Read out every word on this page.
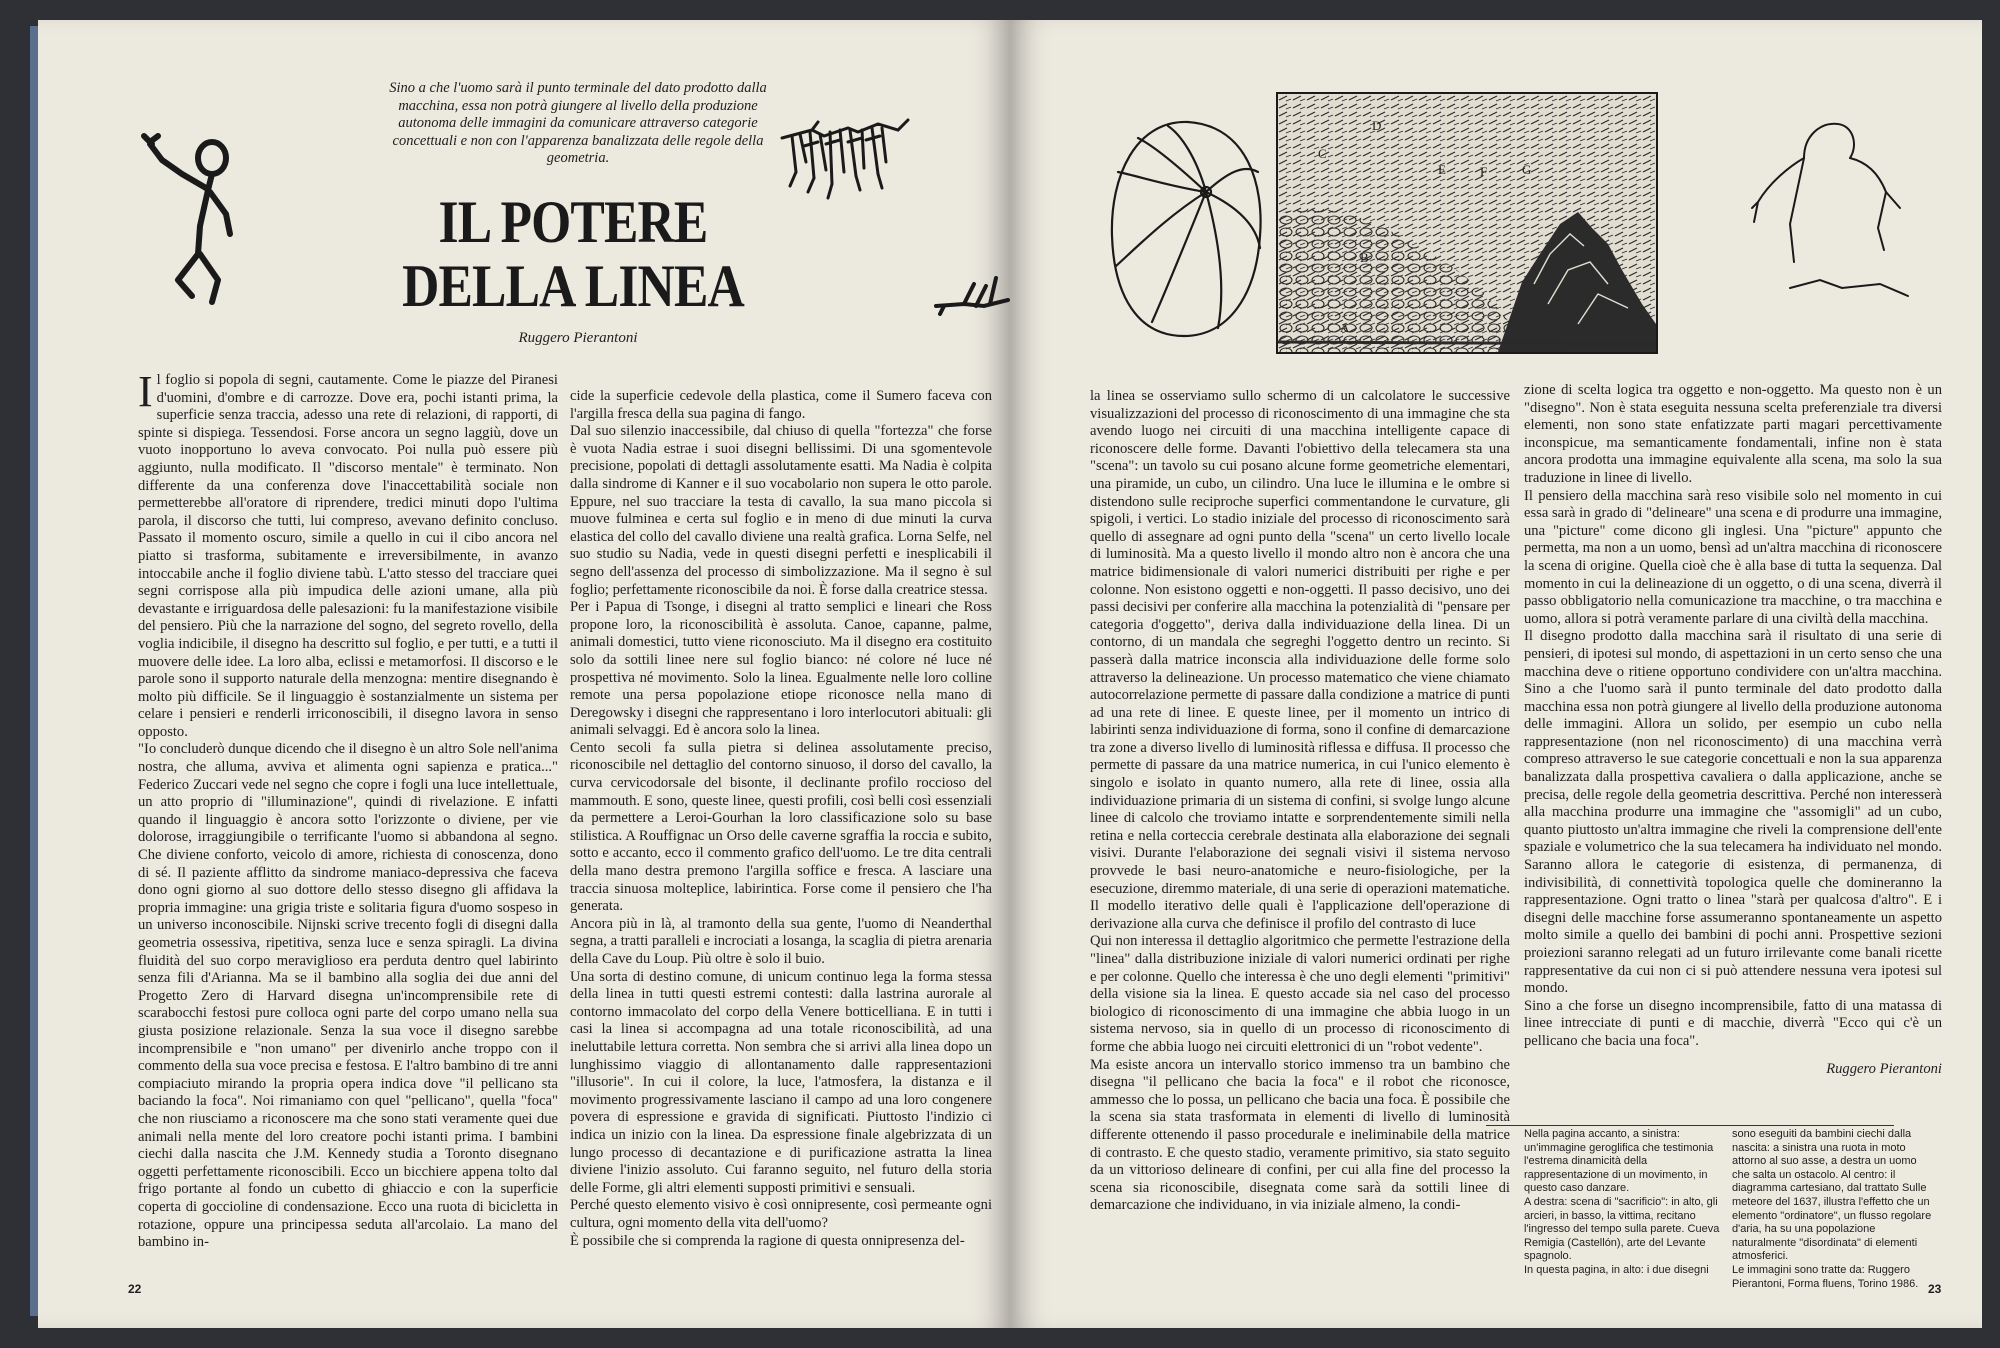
Sino a che l'uomo sarà il punto terminale del dato prodotto dalla macchina, essa non potrà giungere al livello della produzione autonoma delle immagini da comunicare attraverso categorie concettuali e non con l'apparenza banalizzata delle regole della geometria.
IL POTERE
DELLA LINEA
Ruggero Pierantoni

Il foglio si popola di segni, cautamente. Come le piazze del Piranesi d'uomini, d'ombre e di carrozze. Dove era, pochi istanti prima, la superficie senza traccia, adesso una rete di relazioni, di rapporti, di spinte si dispiega. Tessendosi. Forse ancora un segno laggiù, dove un vuoto inopportuno lo aveva convocato. Poi nulla può essere più aggiunto, nulla modificato. Il "discorso mentale" è terminato. Non differente da una conferenza dove l'inaccettabilità sociale non permetterebbe all'oratore di riprendere, tredici minuti dopo l'ultima parola, il discorso che tutti, lui compreso, avevano definito concluso. Passato il momento oscuro, simile a quello in cui il cibo ancora nel piatto si trasforma, subitamente e irreversibilmente, in avanzo intoccabile anche il foglio diviene tabù. L'atto stesso del tracciare quei segni corrispose alla più impudica delle azioni umane, alla più devastante e irriguardosa delle palesazioni: fu la manifestazione visibile del pensiero. Più che la narrazione del sogno, del segreto rovello, della voglia indicibile, il disegno ha descritto sul foglio, e per tutti, e a tutti il muovere delle idee. La loro alba, eclissi e metamorfosi. Il discorso e le parole sono il supporto naturale della menzogna: mentire disegnando è molto più difficile. Se il linguaggio è sostanzialmente un sistema per celare i pensieri e renderli irriconoscibili, il disegno lavora in senso opposto.

"Io concluderò dunque dicendo che il disegno è un altro Sole nell'anima nostra, che allumа, avviva et alimenta ogni sapienza e pratica..." Federico Zuccari vede nel segno che copre i fogli una luce intellettuale, un atto proprio di "illuminazione", quindi di rivelazione. E infatti quando il linguaggio è ancora sotto l'orizzonte o diviene, per vie dolorose, irraggiungibile o terrificante l'uomo si abbandona al segno. Che diviene conforto, veicolo di amore, richiesta di conoscenza, dono di sé. Il paziente afflitto da sindrome maniaco-depressiva che faceva dono ogni giorno al suo dottore dello stesso disegno gli affidava la propria immagine: una grigia triste e solitaria figura d'uomo sospeso in un universo inconoscibile. Nijnski scrive trecento fogli di disegni dalla geometria ossessiva, ripetitiva, senza luce e senza spiragli. La divina fluidità del suo corpo meraviglioso era perduta dentro quel labirinto senza fili d'Arianna. Ma se il bambino alla soglia dei due anni del Progetto Zero di Harvard disegna un'incomprensibile rete di scarabocchi festosi pure colloca ogni parte del corpo umano nella sua giusta posizione relazionale. Senza la sua voce il disegno sarebbe incomprensibile e "non umano" per divenirlo anche troppo con il commento della sua voce precisa e festosa. E l'altro bambino di tre anni compiaciuto mirando la propria opera indica dove "il pellicano sta baciando la foca". Noi rimaniamo con quel "pellicano", quella "foca" che non riusciamo a riconoscere ma che sono stati veramente quei due animali nella mente del loro creatore pochi istanti prima. I bambini ciechi dalla nascita che J.M. Kennedy studia a Toronto disegnano oggetti perfettamente riconoscibili. Ecco un bicchiere appena tolto dal frigo portante al fondo un cubetto di ghiaccio e con la superficie coperta di goccioline di condensazione. Ecco una ruota di bicicletta in rotazione, oppure una principessa seduta all'arcolaio. La mano del bambino in-

cide la superficie cedevole della plastica, come il Sumero faceva con l'argilla fresca della sua pagina di fango.

Dal suo silenzio inaccessibile, dal chiuso di quella "fortezza" che forse è vuota Nadia estrae i suoi disegni bellissimi. Di una sgomentevole precisione, popolati di dettagli assolutamente esatti. Ma Nadia è colpita dalla sindrome di Kanner e il suo vocabolario non supera le otto parole. Eppure, nel suo tracciare la testa di cavallo, la sua mano piccola si muove fulminea e certa sul foglio e in meno di due minuti la curva elastica del collo del cavallo diviene una realtà grafica. Lorna Selfe, nel suo studio su Nadia, vede in questi disegni perfetti e inesplicabili il segno dell'assenza del processo di simbolizzazione. Ma il segno è sul foglio; perfettamente riconoscibile da noi. È forse dalla creatrice stessa.

Per i Papua di Tsonge, i disegni al tratto semplici e lineari che Ross propone loro, la riconoscibilità è assoluta. Canoe, capanne, palme, animali domestici, tutto viene riconosciuto. Ma il disegno era costituito solo da sottili linee nere sul foglio bianco: né colore né luce né prospettiva né movimento. Solo la linea. Egualmente nelle loro colline remote una persa popolazione etiope riconosce nella mano di Deregowsky i disegni che rappresentano i loro interlocutori abituali: gli animali selvaggi. Ed è ancora solo la linea.

Cento secoli fa sulla pietra si delinea assolutamente preciso, riconoscibile nel dettaglio del contorno sinuoso, il dorso del cavallo, la curva cervicodorsale del bisonte, il declinante profilo roccioso del mammouth. E sono, queste linee, questi profili, così belli così essenziali da permettere a Leroi-Gourhan la loro classificazione solo su base stilistica. A Rouffignac un Orso delle caverne sgraffia la roccia e subito, sotto e accanto, ecco il commento grafico dell'uomo. Le tre dita centrali della mano destra premono l'argilla soffice e fresca. A lasciare una traccia sinuosa molteplice, labirintica. Forse come il pensiero che l'ha generata.

Ancora più in là, al tramonto della sua gente, l'uomo di Neanderthal segna, a tratti paralleli e incrociati a losanga, la scaglia di pietra arenaria della Cave du Loup. Più oltre è solo il buio.

Una sorta di destino comune, di unicum continuo lega la forma stessa della linea in tutti questi estremi contesti: dalla lastrina aurorale al contorno immacolato del corpo della Venere botticelliana. E in tutti i casi la linea si accompagna ad una totale riconoscibilità, ad una ineluttabile lettura corretta. Non sembra che si arrivi alla linea dopo un lunghissimo viaggio di allontanamento dalle rappresentazioni "illusorie". In cui il colore, la luce, l'atmosfera, la distanza e il movimento progressivamente lasciano il campo ad una loro congenere povera di espressione e gravida di significati. Piuttosto l'indizio ci indica un inizio con la linea. Da espressione finale algebrizzata di un lungo processo di decantazione e di purificazione astratta la linea diviene l'inizio assoluto. Cui faranno seguito, nel futuro della storia delle Forme, gli altri elementi supposti primitivi e sensuali.

Perché questo elemento visivo è così onnipresente, così permeante ogni cultura, ogni momento della vita dell'uomo?

È possibile che si comprenda la ragione di questa onnipresenza del-

22
D
C
E	F	G
B
A

la linea se osserviamo sullo schermo di un calcolatore le successive visualizzazioni del processo di riconoscimento di una immagine che sta avendo luogo nei circuiti di una macchina intelligente capace di riconoscere delle forme. Davanti l'obiettivo della telecamera sta una "scena": un tavolo su cui posano alcune forme geometriche elementari, una piramide, un cubo, un cilindro. Una luce le illumina e le ombre si distendono sulle reciproche superfici commentandone le curvature, gli spigoli, i vertici. Lo stadio iniziale del processo di riconoscimento sarà quello di assegnare ad ogni punto della "scena" un certo livello locale di luminosità. Ma a questo livello il mondo altro non è ancora che una matrice bidimensionale di valori numerici distribuiti per righe e per colonne. Non esistono oggetti e non-oggetti. Il passo decisivo, uno dei passi decisivi per conferire alla macchina la potenzialità di "pensare per categoria d'oggetto", deriva dalla individuazione della linea. Di un contorno, di un mandala che segreghi l'oggetto dentro un recinto. Si passerà dalla matrice inconscia alla individuazione delle forme solo attraverso la delineazione. Un processo matematico che viene chiamato autocorrelazione permette di passare dalla condizione a matrice di punti ad una rete di linee. E queste linee, per il momento un intrico di labirinti senza individuazione di forma, sono il confine di demarcazione tra zone a diverso livello di luminosità riflessa e diffusa. Il processo che permette di passare da una matrice numerica, in cui l'unico elemento è singolo e isolato in quanto numero, alla rete di linee, ossia alla individuazione primaria di un sistema di confini, si svolge lungo alcune linee di calcolo che troviamo intatte e sorprendentemente simili nella retina e nella corteccia cerebrale destinata alla elaborazione dei segnali visivi. Durante l'elaborazione dei segnali visivi il sistema nervoso provvede le basi neuro-anatomiche e neuro-fisiologiche, per la esecuzione, diremmo materiale, di una serie di operazioni matematiche. Il modello iterativo delle quali è l'applicazione dell'operazione di derivazione alla curva che definisce il profilo del contrasto di luce

Qui non interessa il dettaglio algoritmico che permette l'estrazione della "linea" dalla distribuzione iniziale di valori numerici ordinati per righe e per colonne. Quello che interessa è che uno degli elementi "primitivi" della visione sia la linea. E questo accade sia nel caso del processo biologico di riconoscimento di una immagine che abbia luogo in un sistema nervoso, sia in quello di un processo di riconoscimento di forme che abbia luogo nei circuiti elettronici di un "robot vedente".

Ma esiste ancora un intervallo storico immenso tra un bambino che disegna "il pellicano che bacia la foca" e il robot che riconosce, ammesso che lo possa, un pellicano che bacia una foca. È possibile che la scena sia stata trasformata in elementi di livello di luminosità differente ottenendo il passo procedurale e ineliminabile della matrice di contrasto. E che questo stadio, veramente primitivo, sia stato seguito da un vittorioso delineare di confini, per cui alla fine del processo la scena sia riconoscibile, disegnata come sarà da sottili linee di demarcazione che individuano, in via iniziale almeno, la condi-

zione di scelta logica tra oggetto e non-oggetto. Ma questo non è un "disegno". Non è stata eseguita nessuna scelta preferenziale tra diversi elementi, non sono state enfatizzate parti magari percettivamente inconspicue, ma semanticamente fondamentali, infine non è stata ancora prodotta una immagine equivalente alla scena, ma solo la sua traduzione in linee di livello.

Il pensiero della macchina sarà reso visibile solo nel momento in cui essa sarà in grado di "delineare" una scena e di produrre una immagine, una "picture" come dicono gli inglesi. Una "picture" appunto che permetta, ma non a un uomo, bensì ad un'altra macchina di riconoscere la scena di origine. Quella cioè che è alla base di tutta la sequenza. Dal momento in cui la delineazione di un oggetto, o di una scena, diverrà il passo obbligatorio nella comunicazione tra macchine, o tra macchina e uomo, allora si potrà veramente parlare di una civiltà della macchina.

Il disegno prodotto dalla macchina sarà il risultato di una serie di pensieri, di ipotesi sul mondo, di aspettazioni in un certo senso che una macchina deve o ritiene opportuno condividere con un'altra macchina. Sino a che l'uomo sarà il punto terminale del dato prodotto dalla macchina essa non potrà giungere al livello della produzione autonoma delle immagini. Allora un solido, per esempio un cubo nella rappresentazione (non nel riconoscimento) di una macchina verrà compreso attraverso le sue categorie concettuali e non la sua apparenza banalizzata dalla prospettiva cavaliera o dalla applicazione, anche se precisa, delle regole della geometria descrittiva. Perché non interesserà alla macchina produrre una immagine che "assomigli" ad un cubo, quanto piuttosto un'altra immagine che riveli la comprensione dell'ente spaziale e volumetrico che la sua telecamera ha individuato nel mondo. Saranno allora le categorie di esistenza, di permanenza, di indivisibilità, di connettività topologica quelle che domineranno la rappresentazione. Ogni tratto o linea "starà per qualcosa d'altro". E i disegni delle macchine forse assumeranno spontaneamente un aspetto molto simile a quello dei bambini di pochi anni. Prospettive sezioni proiezioni saranno relegati ad un futuro irrilevante come banali ricette rappresentative da cui non ci si può attendere nessuna vera ipotesi sul mondo.

Sino a che forse un disegno incomprensibile, fatto di una matassa di linee intrecciate di punti e di macchie, diverrà "Ecco qui c'è un pellicano che bacia una foca".

Ruggero Pierantoni

Nella pagina accanto, a sinistra: un'immagine geroglifica che testimonia l'estrema dinamicità della rappresentazione di un movimento, in questo caso danzare.
A destra: scena di "sacrificio": in alto, gli arcieri, in basso, la vittima, recitano l'ingresso del tempo sulla parete. Cueva Remigia (Castellón), arte del Levante spagnolo.
In questa pagina, in alto: i due disegni
sono eseguiti da bambini ciechi dalla nascita: a sinistra una ruota in moto attorno al suo asse, a destra un uomo che salta un ostacolo. Al centro: il diagramma cartesiano, dal trattato Sulle meteore del 1637, illustra l'effetto che un elemento "ordinatore", un flusso regolare d'aria, ha su una popolazione naturalmente "disordinata" di elementi atmosferici.
Le immagini sono tratte da: Ruggero Pierantoni, Forma fluens, Torino 1986. 23
